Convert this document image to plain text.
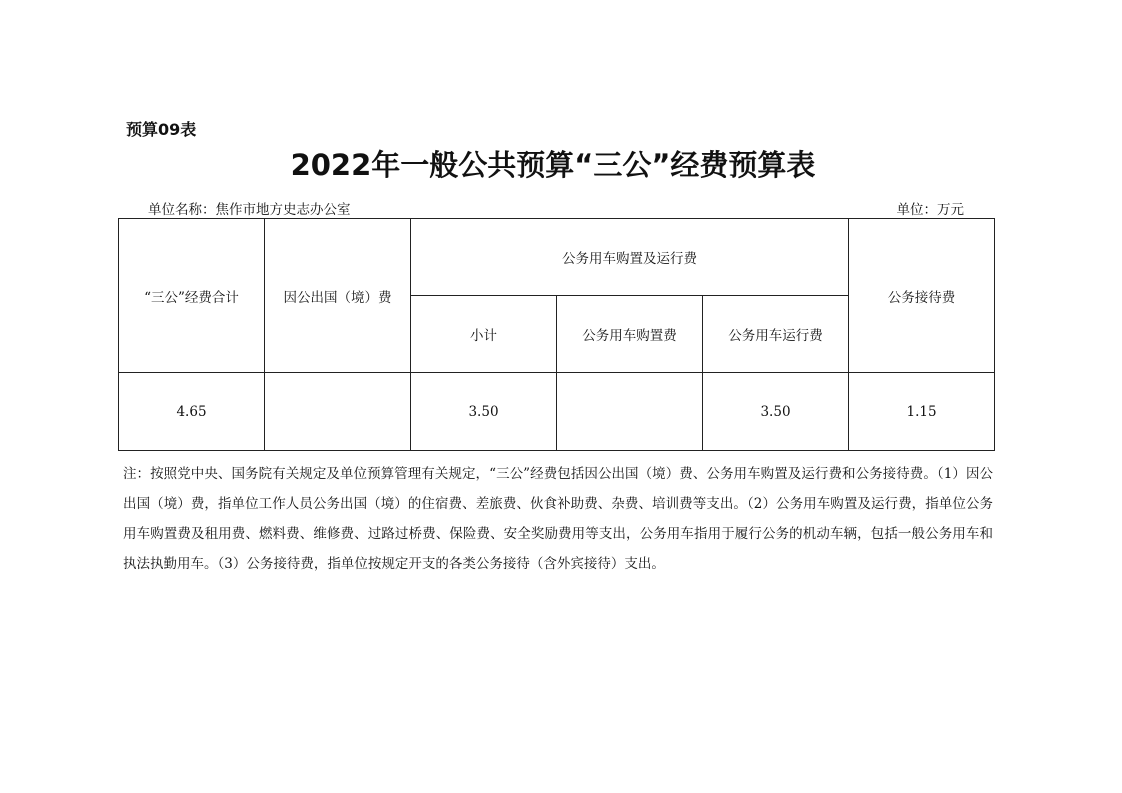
预算09表
2022年一般公共预算“三公”经费预算表
单位名称：焦作市地方史志办公室	单位：万元
“三公”经费合计	因公出国（境）费	公务用车购置及运行费			公务接待费
		小计	公务用车购置费	公务用车运行费	
4.65		3.50		3.50	1.15

注：按照党中央、国务院有关规定及单位预算管理有关规定，“三公”经费包括因公出国（境）费、公务用车购置及运行费和公务接待费。（1）因公出国（境）费，指单位工作人员公务出国（境）的住宿费、差旅费、伙食补助费、杂费、培训费等支出。（2）公务用车购置及运行费，指单位公务用车购置费及租用费、燃料费、维修费、过路过桥费、保险费、安全奖励费用等支出，公务用车指用于履行公务的机动车辆，包括一般公务用车和执法执勤用车。（3）公务接待费，指单位按规定开支的各类公务接待（含外宾接待）支出。
